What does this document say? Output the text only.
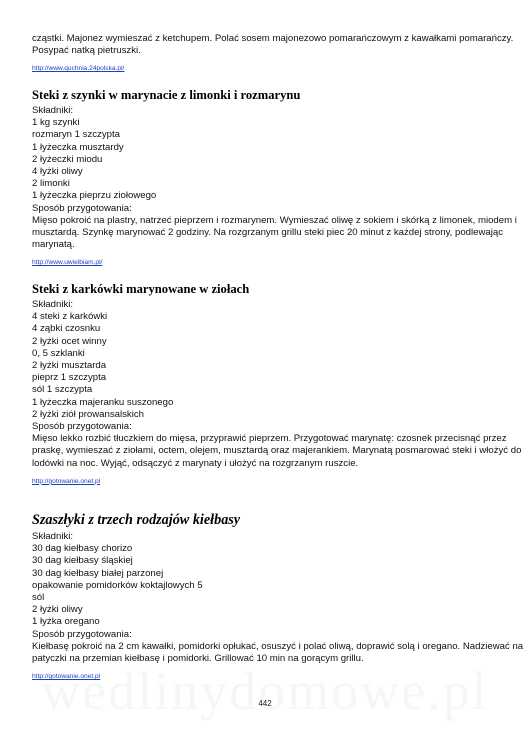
cząstki. Majonez wymieszać z ketchupem. Polać sosem majonezowo pomarańczowym z kawałkami pomarańczy.
Posypać natką pietruszki.
http://www.quchnia.24polska.pl/
Steki z szynki w marynacie z limonki i rozmarynu
Składniki:
1 kg szynki
rozmaryn 1 szczypta
1 łyżeczka musztardy
2 łyżeczki miodu
4 łyżki oliwy
2 limonki
1 łyżeczka pieprzu ziołowego
Sposób przygotowania:
Mięso pokroić na plastry, natrzeć pieprzem i rozmarynem. Wymieszać oliwę z sokiem i skórką z limonek, miodem i
musztardą. Szynkę marynować 2 godziny. Na rozgrzanym grillu steki piec 20 minut z każdej strony, podlewając
marynatą.
http://www.uwielbiam.pl/
Steki z karkówki marynowane w ziołach
Składniki:
4 steki z karkówki
4 ząbki czosnku
2 łyżki ocet winny
0, 5 szklanki
2 łyżki musztarda
pieprz 1 szczypta
sól 1 szczypta
1 łyżeczka majeranku suszonego
2 łyżki ziół prowansalskich
Sposób przygotowania:
Mięso lekko rozbić tłuczkiem do mięsa, przyprawić pieprzem. Przygotować marynatę: czosnek przecisnąć przez
praskę, wymieszać z ziołami, octem, olejem, musztardą oraz majerankiem. Marynatą posmarować steki i włożyć do
lodówki na noc. Wyjąć, odsączyć z marynaty i ułożyć na rozgrzanym ruszcie.
http://gotowanie.onet.pl
Szaszłyki z trzech rodzajów kiełbasy
Składniki:
30 dag kiełbasy chorizo
30 dag kiełbasy śląskiej
30 dag kiełbasy białej parzonej
opakowanie pomidorków koktajlowych 5
sól
2 łyżki oliwy
1 łyżka oregano
Sposób przygotowania:
Kiełbasę pokroić na 2 cm kawałki, pomidorki opłukać, osuszyć i polać oliwą, doprawić solą i oregano. Nadziewać na
patyczki na przemian kiełbasę i pomidorki. Grillować 10 min na gorącym grillu.
http://gotowanie.onet.pl
442
